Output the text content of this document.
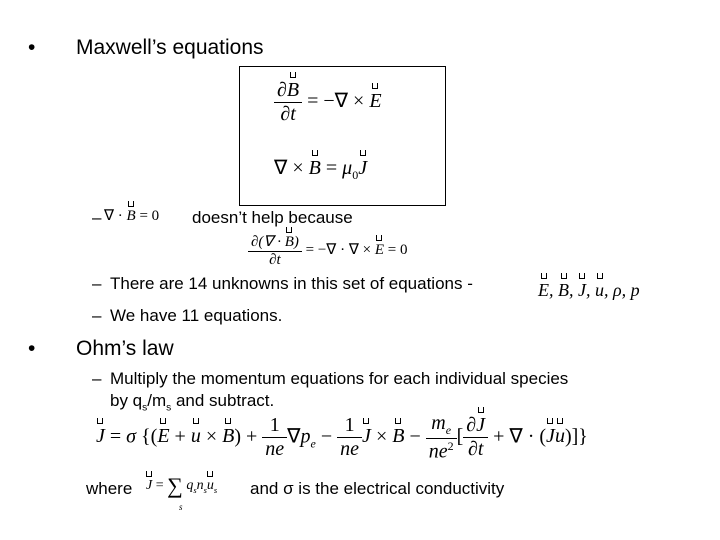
• Maxwell’s equations
$\frac{\partial B}{\partial t}$ = −∇ × E
∇ × $B = \mu_0J$
– ∇ · B = 0 doesn’t help because
$\frac{\partial(\nabla \cdot B)}{\partial t}$ = −∇ · ∇ × E = 0
– There are 14 unknowns in this set of equations -	E, B, J, u, ρ, p
– We have 11 equations.
• Ohm’s law
– Multiply the momentum equations for each individual species
by $q_s/m_s$ and subtract.
J = σ {$(E + u \times B) + \frac{1}{ne} \nabla p_e - \frac{1}{ne}$ $J \times B - \frac{m_e}{ne^2}$ [ $\frac{\partial J}{\partial t}$ + ∇ · (Ju)]}
where J = ∑ $q_sn_su_s$
s
and σ is the electrical conductivity
